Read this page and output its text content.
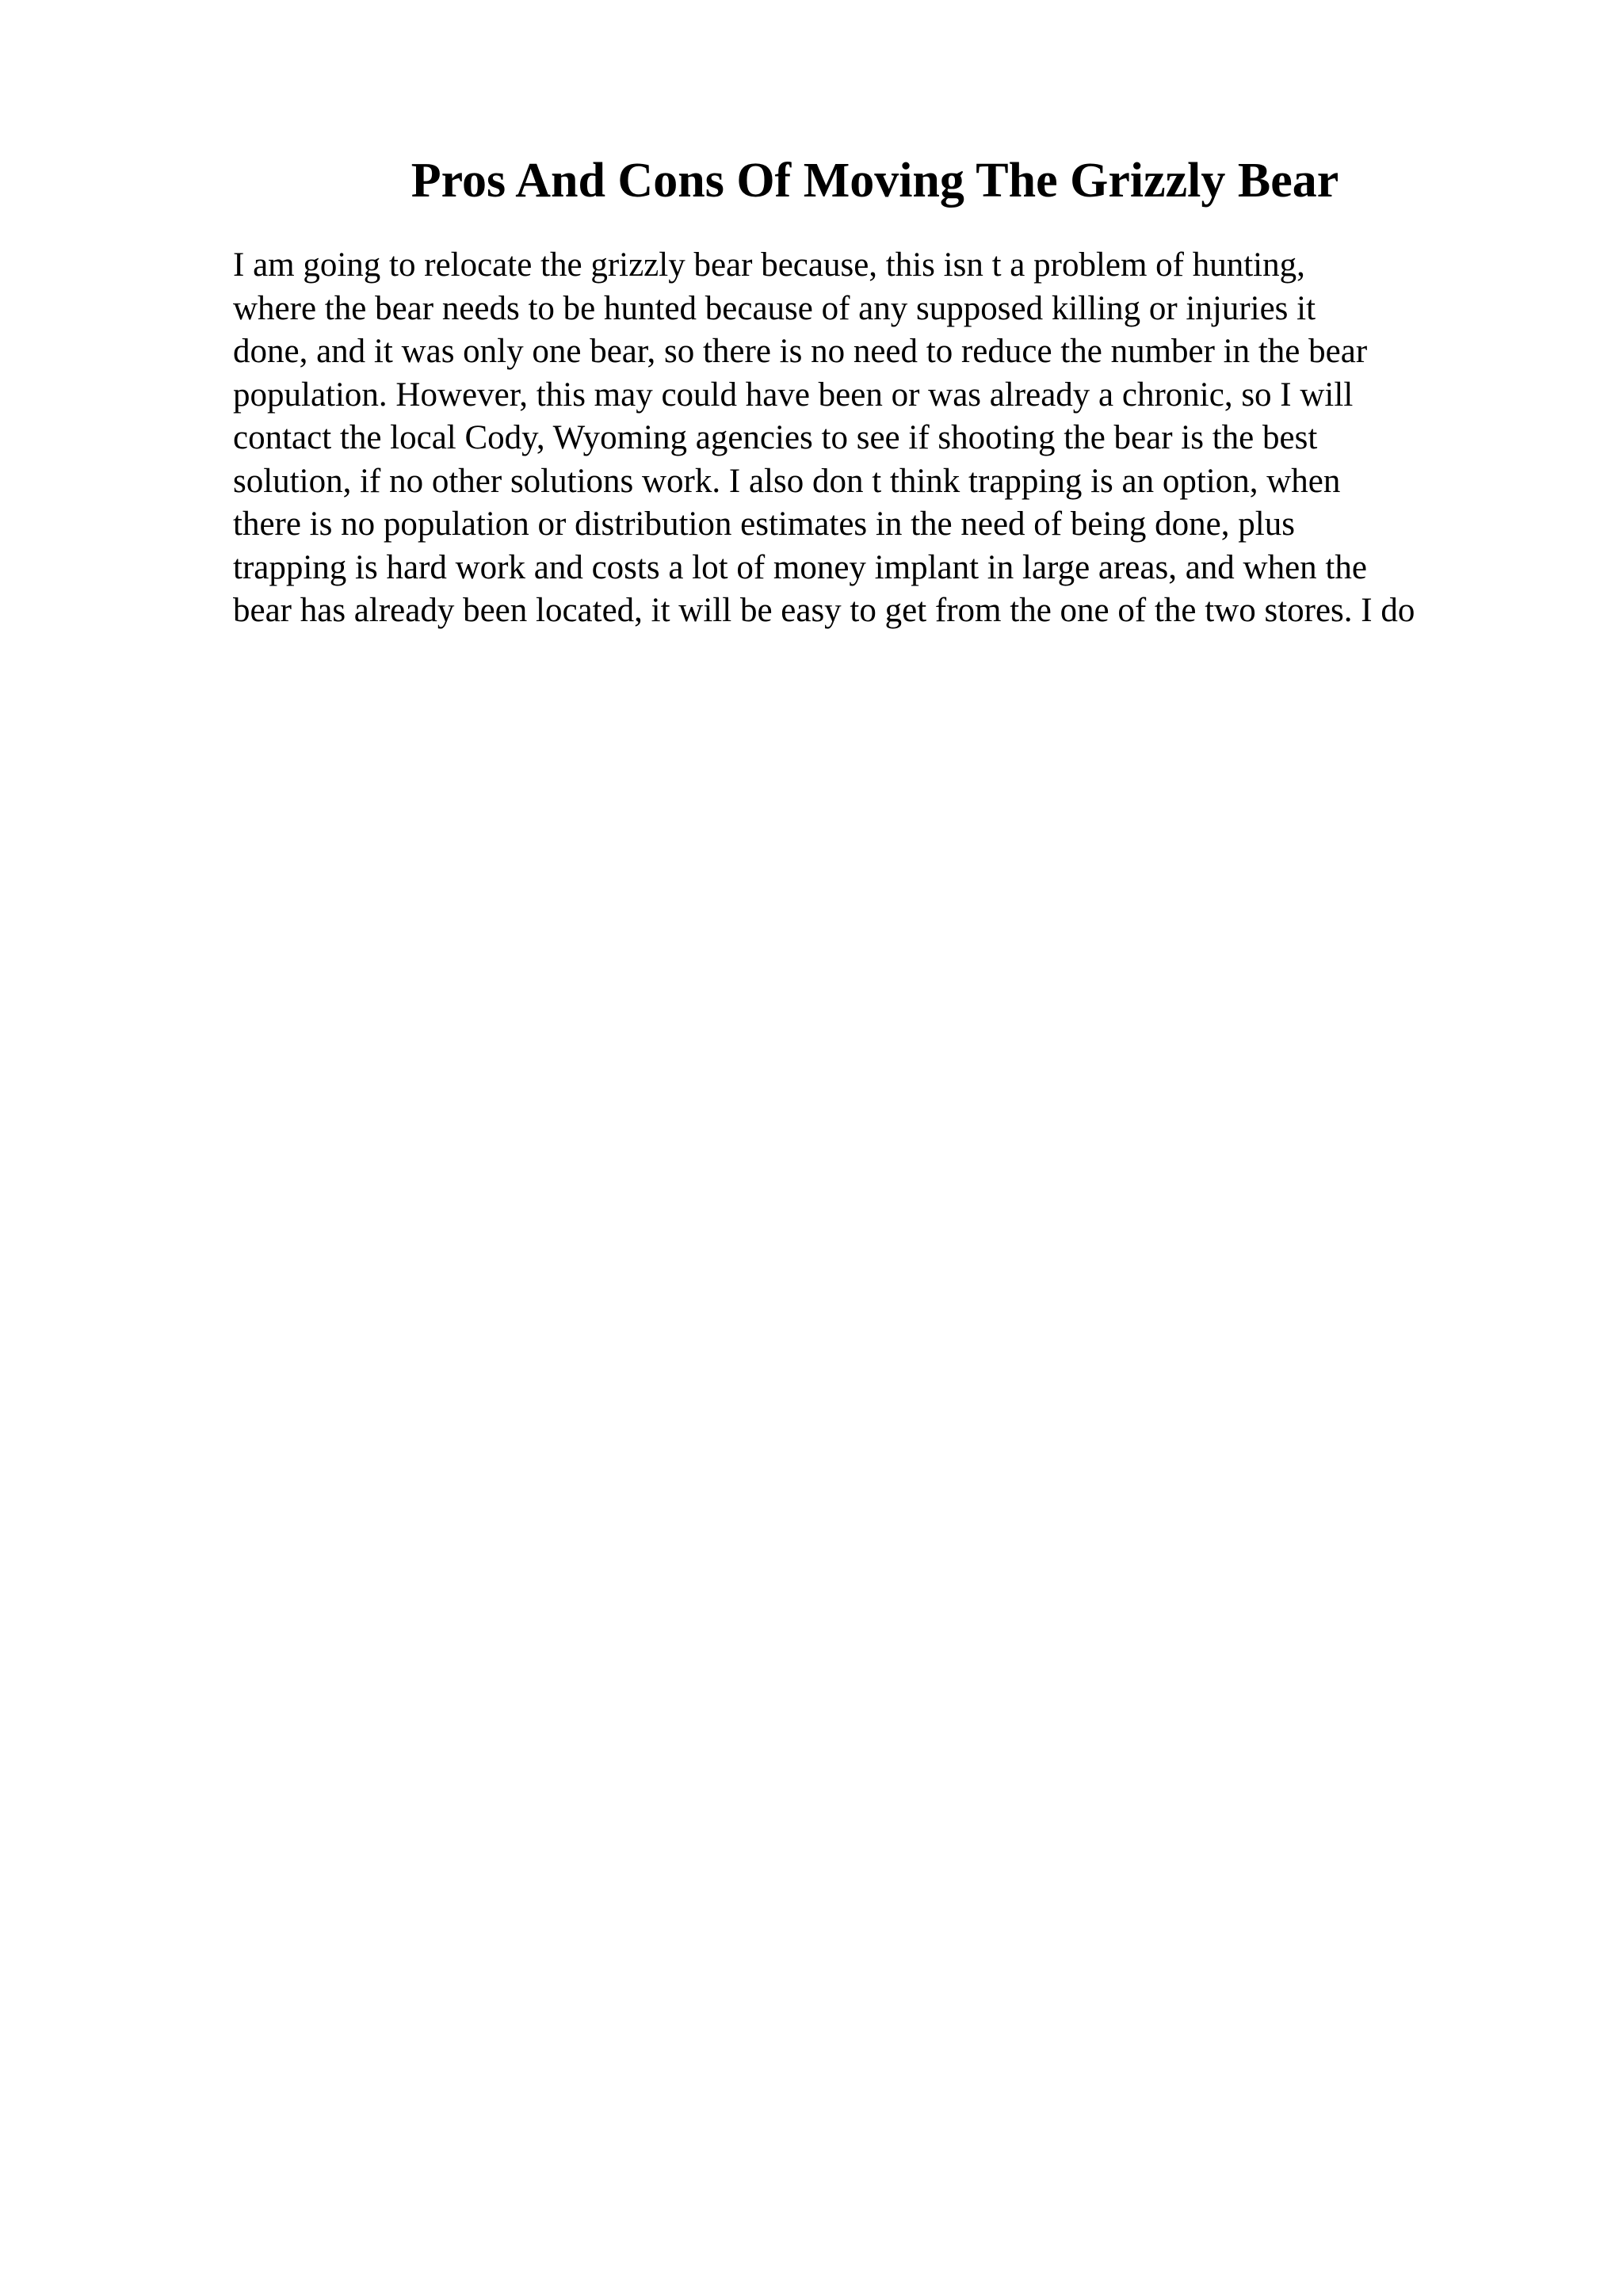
Pros And Cons Of Moving The Grizzly Bear
I am going to relocate the grizzly bear because, this isn t a problem of hunting,
where the bear needs to be hunted because of any supposed killing or injuries it
done, and it was only one bear, so there is no need to reduce the number in the bear
population. However, this may could have been or was already a chronic, so I will
contact the local Cody, Wyoming agencies to see if shooting the bear is the best
solution, if no other solutions work. I also don t think trapping is an option, when
there is no population or distribution estimates in the need of being done, plus
trapping is hard work and costs a lot of money implant in large areas, and when the
bear has already been located, it will be easy to get from the one of the two stores. I do
